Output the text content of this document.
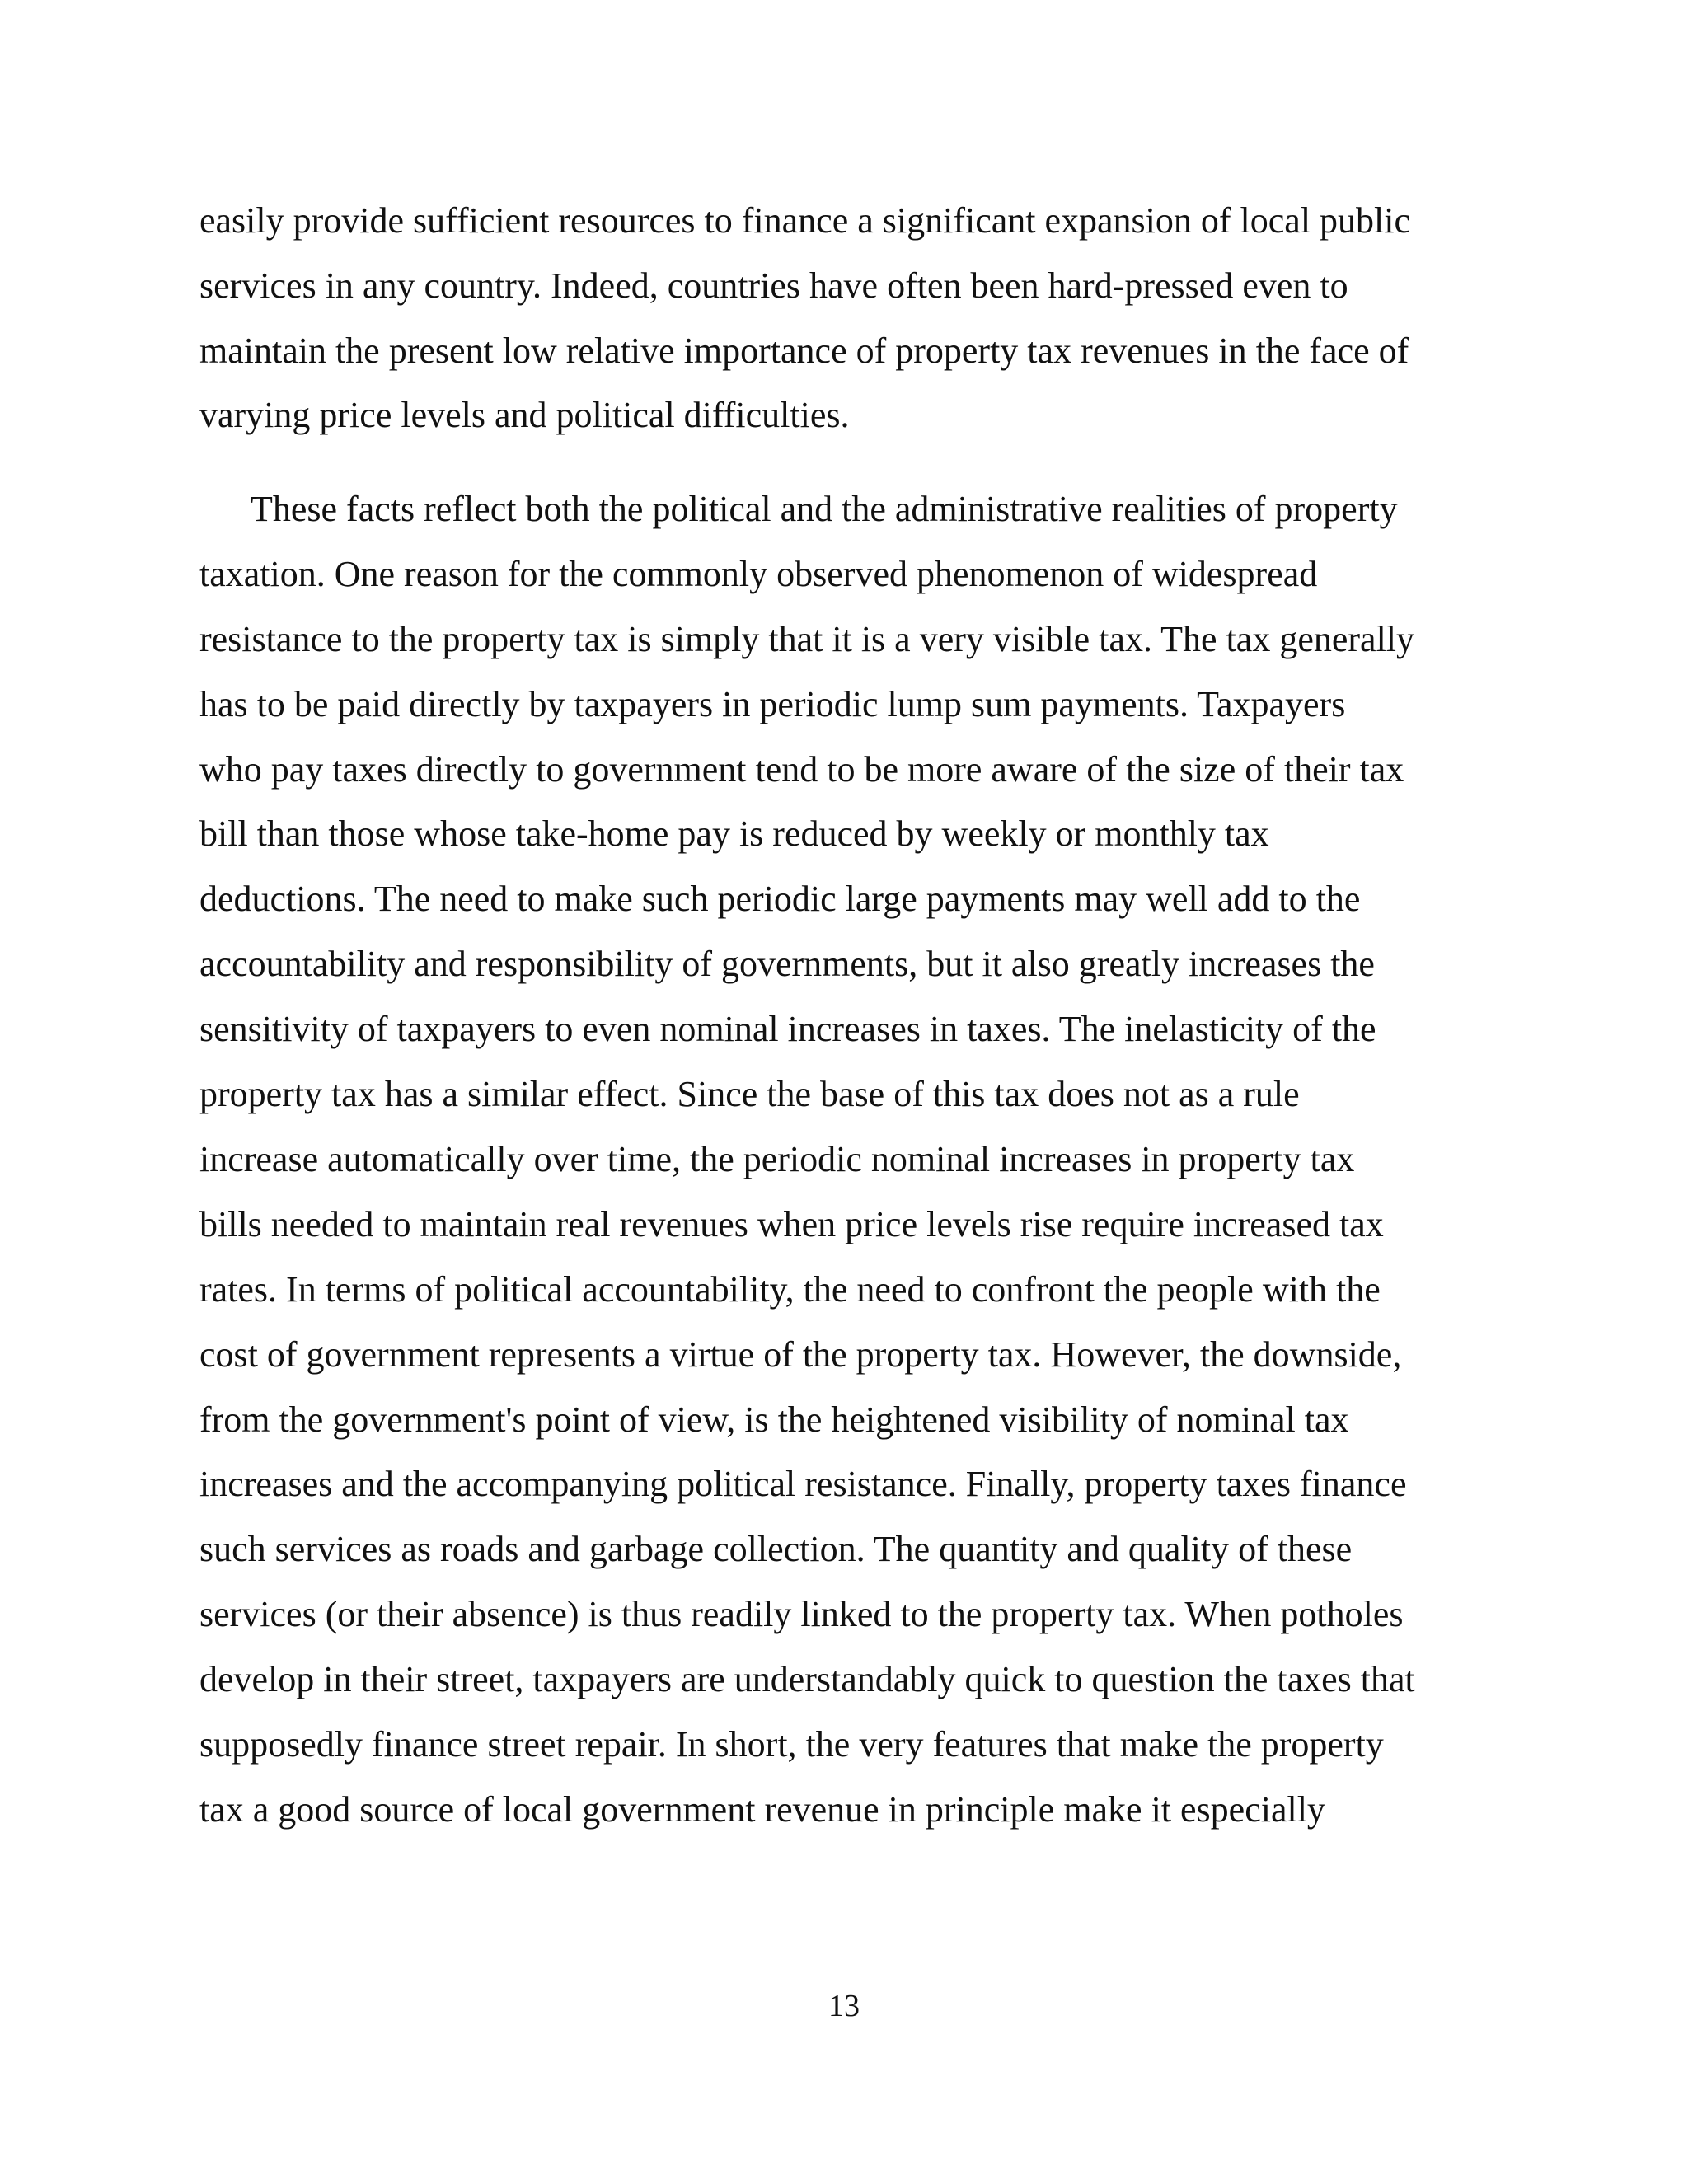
easily provide sufficient resources to finance a significant expansion of local public
services in any country. Indeed, countries have often been hard-pressed even to
maintain the present low relative importance of property tax revenues in the face of
varying price levels and political difficulties.
These facts reflect both the political and the administrative realities of property
taxation. One reason for the commonly observed phenomenon of widespread
resistance to the property tax is simply that it is a very visible tax. The tax generally
has to be paid directly by taxpayers in periodic lump sum payments. Taxpayers
who pay taxes directly to government tend to be more aware of the size of their tax
bill than those whose take-home pay is reduced by weekly or monthly tax
deductions. The need to make such periodic large payments may well add to the
accountability and responsibility of governments, but it also greatly increases the
sensitivity of taxpayers to even nominal increases in taxes. The inelasticity of the
property tax has a similar effect. Since the base of this tax does not as a rule
increase automatically over time, the periodic nominal increases in property tax
bills needed to maintain real revenues when price levels rise require increased tax
rates. In terms of political accountability, the need to confront the people with the
cost of government represents a virtue of the property tax. However, the downside,
from the government's point of view, is the heightened visibility of nominal tax
increases and the accompanying political resistance. Finally, property taxes finance
such services as roads and garbage collection. The quantity and quality of these
services (or their absence) is thus readily linked to the property tax. When potholes
develop in their street, taxpayers are understandably quick to question the taxes that
supposedly finance street repair. In short, the very features that make the property
tax a good source of local government revenue in principle make it especially
13
